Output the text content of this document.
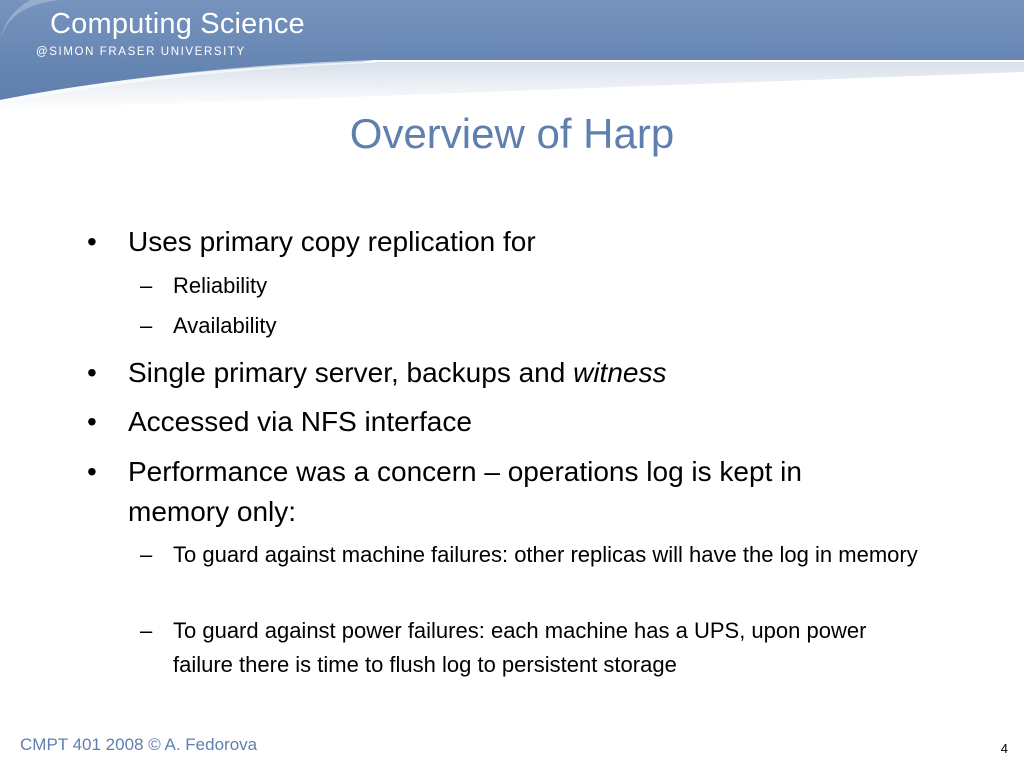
Computing Science
@SIMON FRASER UNIVERSITY
Overview of Harp
•	Uses primary copy replication for
– Reliability
– Availability
•	Single primary server, backups and witness
•	Accessed via NFS interface
•	Performance was a concern – operations log is kept in memory only:
– To guard against machine failures: other replicas will have the log in memory
– To guard against power failures: each machine has a UPS, upon power failure there is time to flush log to persistent storage
CMPT 401 2008 © A. Fedorova	4
